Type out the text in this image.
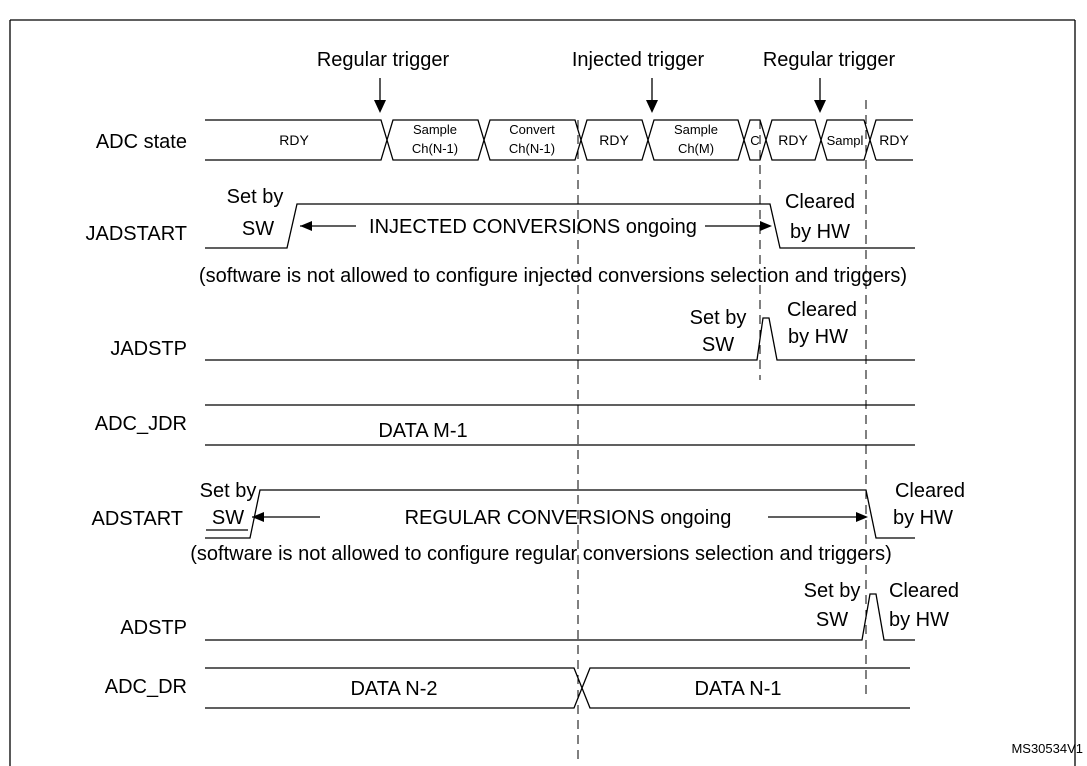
Regular trigger	Injected trigger	Regular trigger
ADC state
JADSTART
JADSTP
ADC_JDR
ADSTART
ADSTP
ADC_DR
RDY
Sample
Ch(N-1)
Convert
Ch(N-1)
RDY
Sample
Ch(M)
C RDY Sampl RDY
Set by
SW	INJECTED CONVERSIONS ongoing
Cleared
by HW
(software is not allowed to configure injected conversions selection and triggers)
Set by
SW
Cleared
by HW
DATA M-1
Set by
SW	REGULAR CONVERSIONS ongoing
Cleared
by HW
(software is not allowed to configure regular conversions selection and triggers)
Set by
SW
Cleared
by HW
DATA N-2	DATA N-1
MS30534V1
